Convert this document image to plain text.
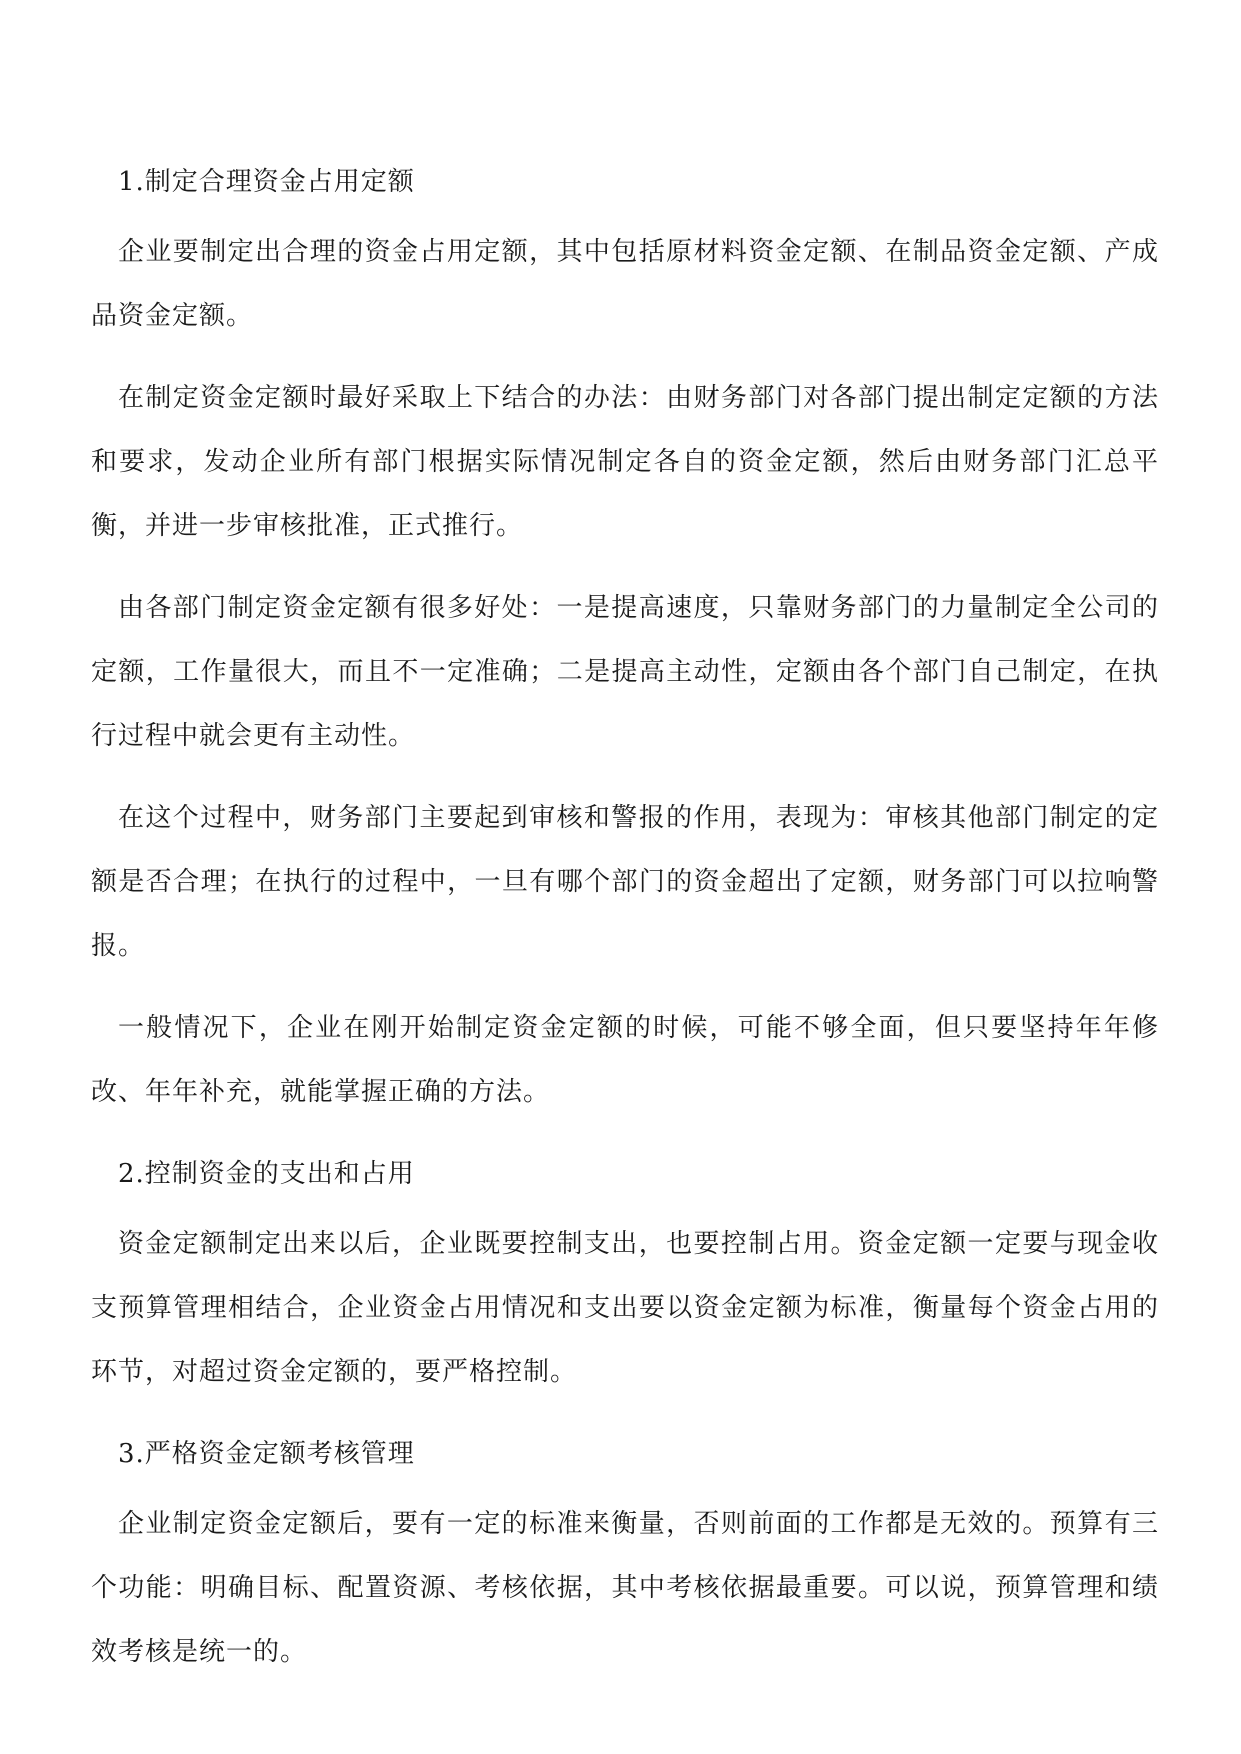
1.制定合理资金占用定额

企业要制定出合理的资金占用定额，其中包括原材料资金定额、在制品资金定额、产成品资金定额。

在制定资金定额时最好采取上下结合的办法：由财务部门对各部门提出制定定额的方法和要求，发动企业所有部门根据实际情况制定各自的资金定额，然后由财务部门汇总平衡，并进一步审核批准，正式推行。

由各部门制定资金定额有很多好处：一是提高速度，只靠财务部门的力量制定全公司的定额，工作量很大，而且不一定准确；二是提高主动性，定额由各个部门自己制定，在执行过程中就会更有主动性。

在这个过程中，财务部门主要起到审核和警报的作用，表现为：审核其他部门制定的定额是否合理；在执行的过程中，一旦有哪个部门的资金超出了定额，财务部门可以拉响警报。

一般情况下，企业在刚开始制定资金定额的时候，可能不够全面，但只要坚持年年修改、年年补充，就能掌握正确的方法。

2.控制资金的支出和占用

资金定额制定出来以后，企业既要控制支出，也要控制占用。资金定额一定要与现金收支预算管理相结合，企业资金占用情况和支出要以资金定额为标准，衡量每个资金占用的环节，对超过资金定额的，要严格控制。

3.严格资金定额考核管理

企业制定资金定额后，要有一定的标准来衡量，否则前面的工作都是无效的。预算有三个功能：明确目标、配置资源、考核依据，其中考核依据最重要。可以说，预算管理和绩效考核是统一的。
